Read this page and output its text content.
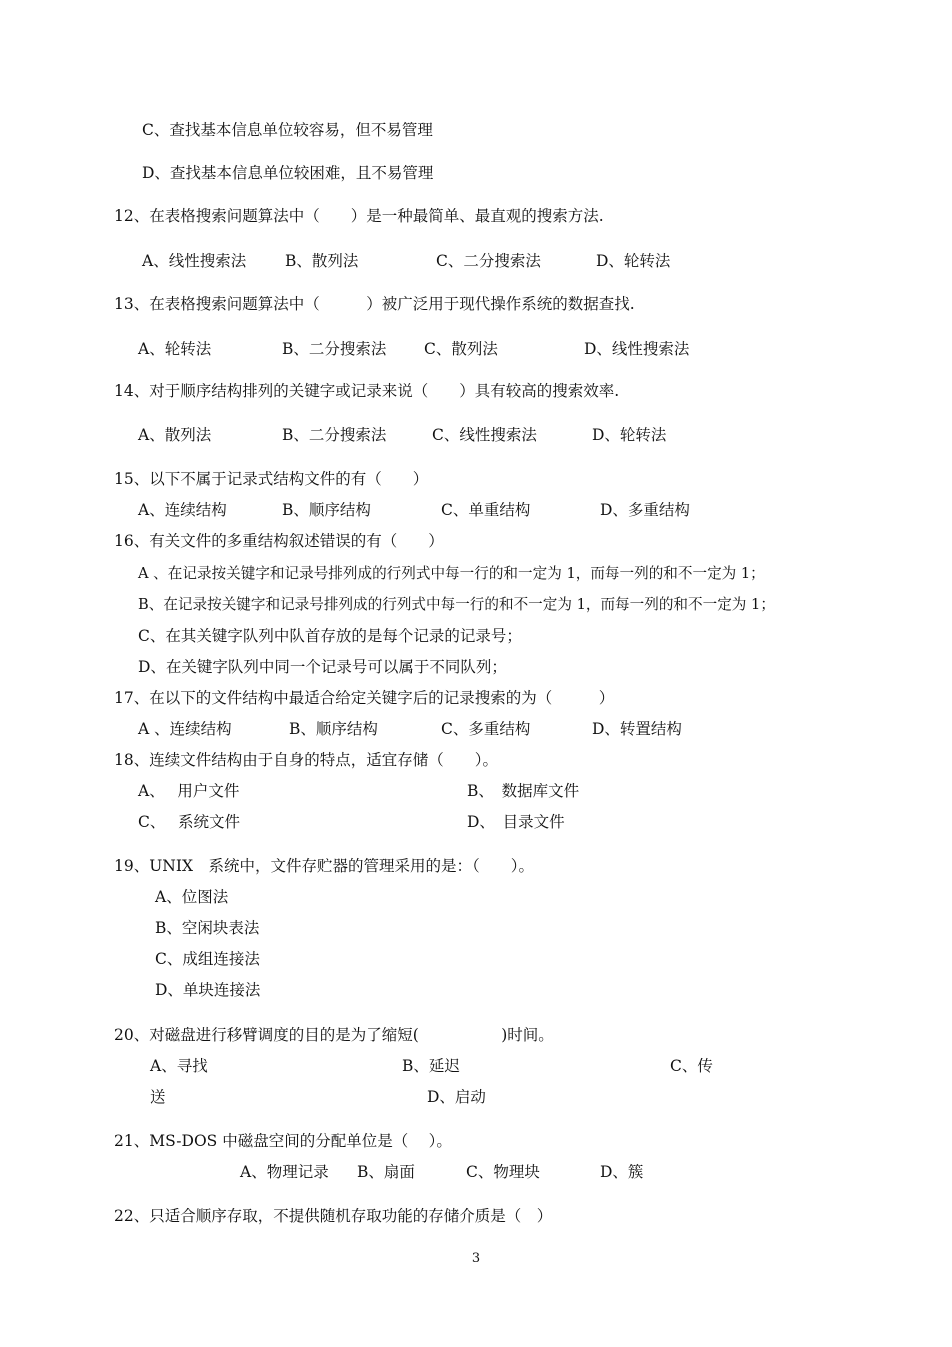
C、查找基本信息单位较容易，但不易管理
D、查找基本信息单位较困难，且不易管理
12、在表格搜索问题算法中（　　）是一种最简单、最直观的搜索方法.
A、线性搜索法	B、散列法	C、二分搜索法	D、轮转法
13、在表格搜索问题算法中（　　　）被广泛用于现代操作系统的数据查找.
A、轮转法	B、二分搜索法 C、散列法	D、线性搜索法
14、对于顺序结构排列的关键字或记录来说（　　）具有较高的搜索效率.
A、散列法	B、二分搜索法	C、线性搜索法	D、轮转法
15、以下不属于记录式结构文件的有（　　）
A、连续结构	B、顺序结构	C、单重结构	D、多重结构
16、有关文件的多重结构叙述错误的有（　　）
A 、在记录按关键字和记录号排列成的行列式中每一行的和一定为 1，而每一列的和不一定为 1；
B、在记录按关键字和记录号排列成的行列式中每一行的和不一定为 1，而每一列的和不一定为 1；
C、在其关键字队列中队首存放的是每个记录的记录号；
D、在关键字队列中同一个记录号可以属于不同队列；
17、在以下的文件结构中最适合给定关键字后的记录搜索的为（　　　）
A 、连续结构	B、顺序结构	C、多重结构	D、转置结构
18、连续文件结构由于自身的特点，适宜存储（　　）。
A、　 用户文件	B、　数据库文件
C、　 系统文件	D、　目录文件
19、UNIX　系统中，文件存贮器的管理采用的是：（　　）。
A、位图法
B、空闲块表法
C、成组连接法
D、单块连接法
20、对磁盘进行移臂调度的目的是为了缩短(　　　　　 )时间。
A、寻找	B、延迟	C、传
送	D、启动
21、MS-DOS 中磁盘空间的分配单位是（　 ）。
A、物理记录 B、扇面	C、物理块	D、簇
22、只适合顺序存取，不提供随机存取功能的存储介质是（　）
3
